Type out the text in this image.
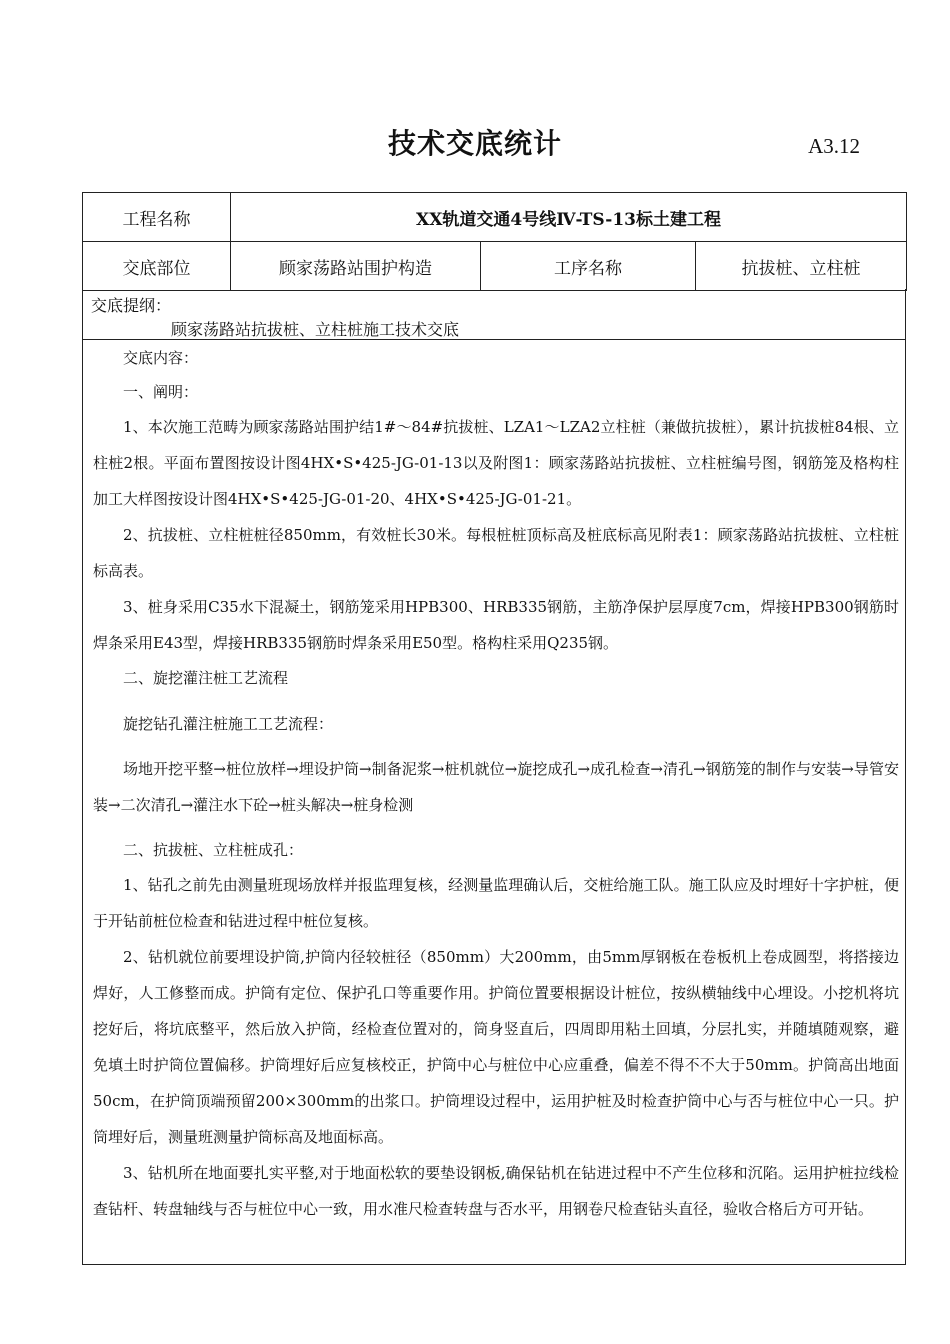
技术交底统计	A3.12
工程名称	XX轨道交通4号线Ⅳ-TS-13标土建工程		
交底部位	顾家荡路站围护构造	工序名称	抗拔桩、立柱桩
交底提纲：
顾家荡路站抗拔桩、立柱桩施工技术交底

交底内容：

一、阐明：

1、本次施工范畴为顾家荡路站围护结1#～84#抗拔桩、LZA1～LZA2立柱桩（兼做抗拔桩），累计抗拔桩84根、立柱桩2根。平面布置图按设计图4HX•S•425-JG-01-13以及附图1：顾家荡路站抗拔桩、立柱桩编号图，钢筋笼及格构柱加工大样图按设计图4HX•S•425-JG-01-20、4HX•S•425-JG-01-21。

2、抗拔桩、立柱桩桩径850mm，有效桩长30米。每根桩桩顶标高及桩底标高见附表1：顾家荡路站抗拔桩、立柱桩标高表。

3、桩身采用C35水下混凝土，钢筋笼采用HPB300、HRB335钢筋，主筋净保护层厚度7cm，焊接HPB300钢筋时焊条采用E43型，焊接HRB335钢筋时焊条采用E50型。格构柱采用Q235钢。

二、旋挖灌注桩工艺流程

旋挖钻孔灌注桩施工工艺流程：

场地开挖平整→桩位放样→埋设护筒→制备泥浆→桩机就位→旋挖成孔→成孔检查→清孔→钢筋笼的制作与安装→导管安装→二次清孔→灌注水下砼→桩头解决→桩身检测

二、抗拔桩、立柱桩成孔：

1、钻孔之前先由测量班现场放样并报监理复核，经测量监理确认后，交桩给施工队。施工队应及时埋好十字护桩，便于开钻前桩位检查和钻进过程中桩位复核。

2、钻机就位前要埋设护筒,护筒内径较桩径（850mm）大200mm，由5mm厚钢板在卷板机上卷成圆型，将搭接边焊好，人工修整而成。护筒有定位、保护孔口等重要作用。护筒位置要根据设计桩位，按纵横轴线中心埋设。小挖机将坑挖好后，将坑底整平，然后放入护筒，经检查位置对的，筒身竖直后，四周即用粘土回填，分层扎实，并随填随观察，避免填土时护筒位置偏移。护筒埋好后应复核校正，护筒中心与桩位中心应重叠，偏差不得不不大于50mm。护筒高出地面50cm，在护筒顶端预留200×300mm的出浆口。护筒埋设过程中，运用护桩及时检查护筒中心与否与桩位中心一只。护筒埋好后，测量班测量护筒标高及地面标高。

3、钻机所在地面要扎实平整,对于地面松软的要垫设钢板,确保钻机在钻进过程中不产生位移和沉陷。运用护桩拉线检查钻杆、转盘轴线与否与桩位中心一致，用水准尺检查转盘与否水平，用钢卷尺检查钻头直径，验收合格后方可开钻。
